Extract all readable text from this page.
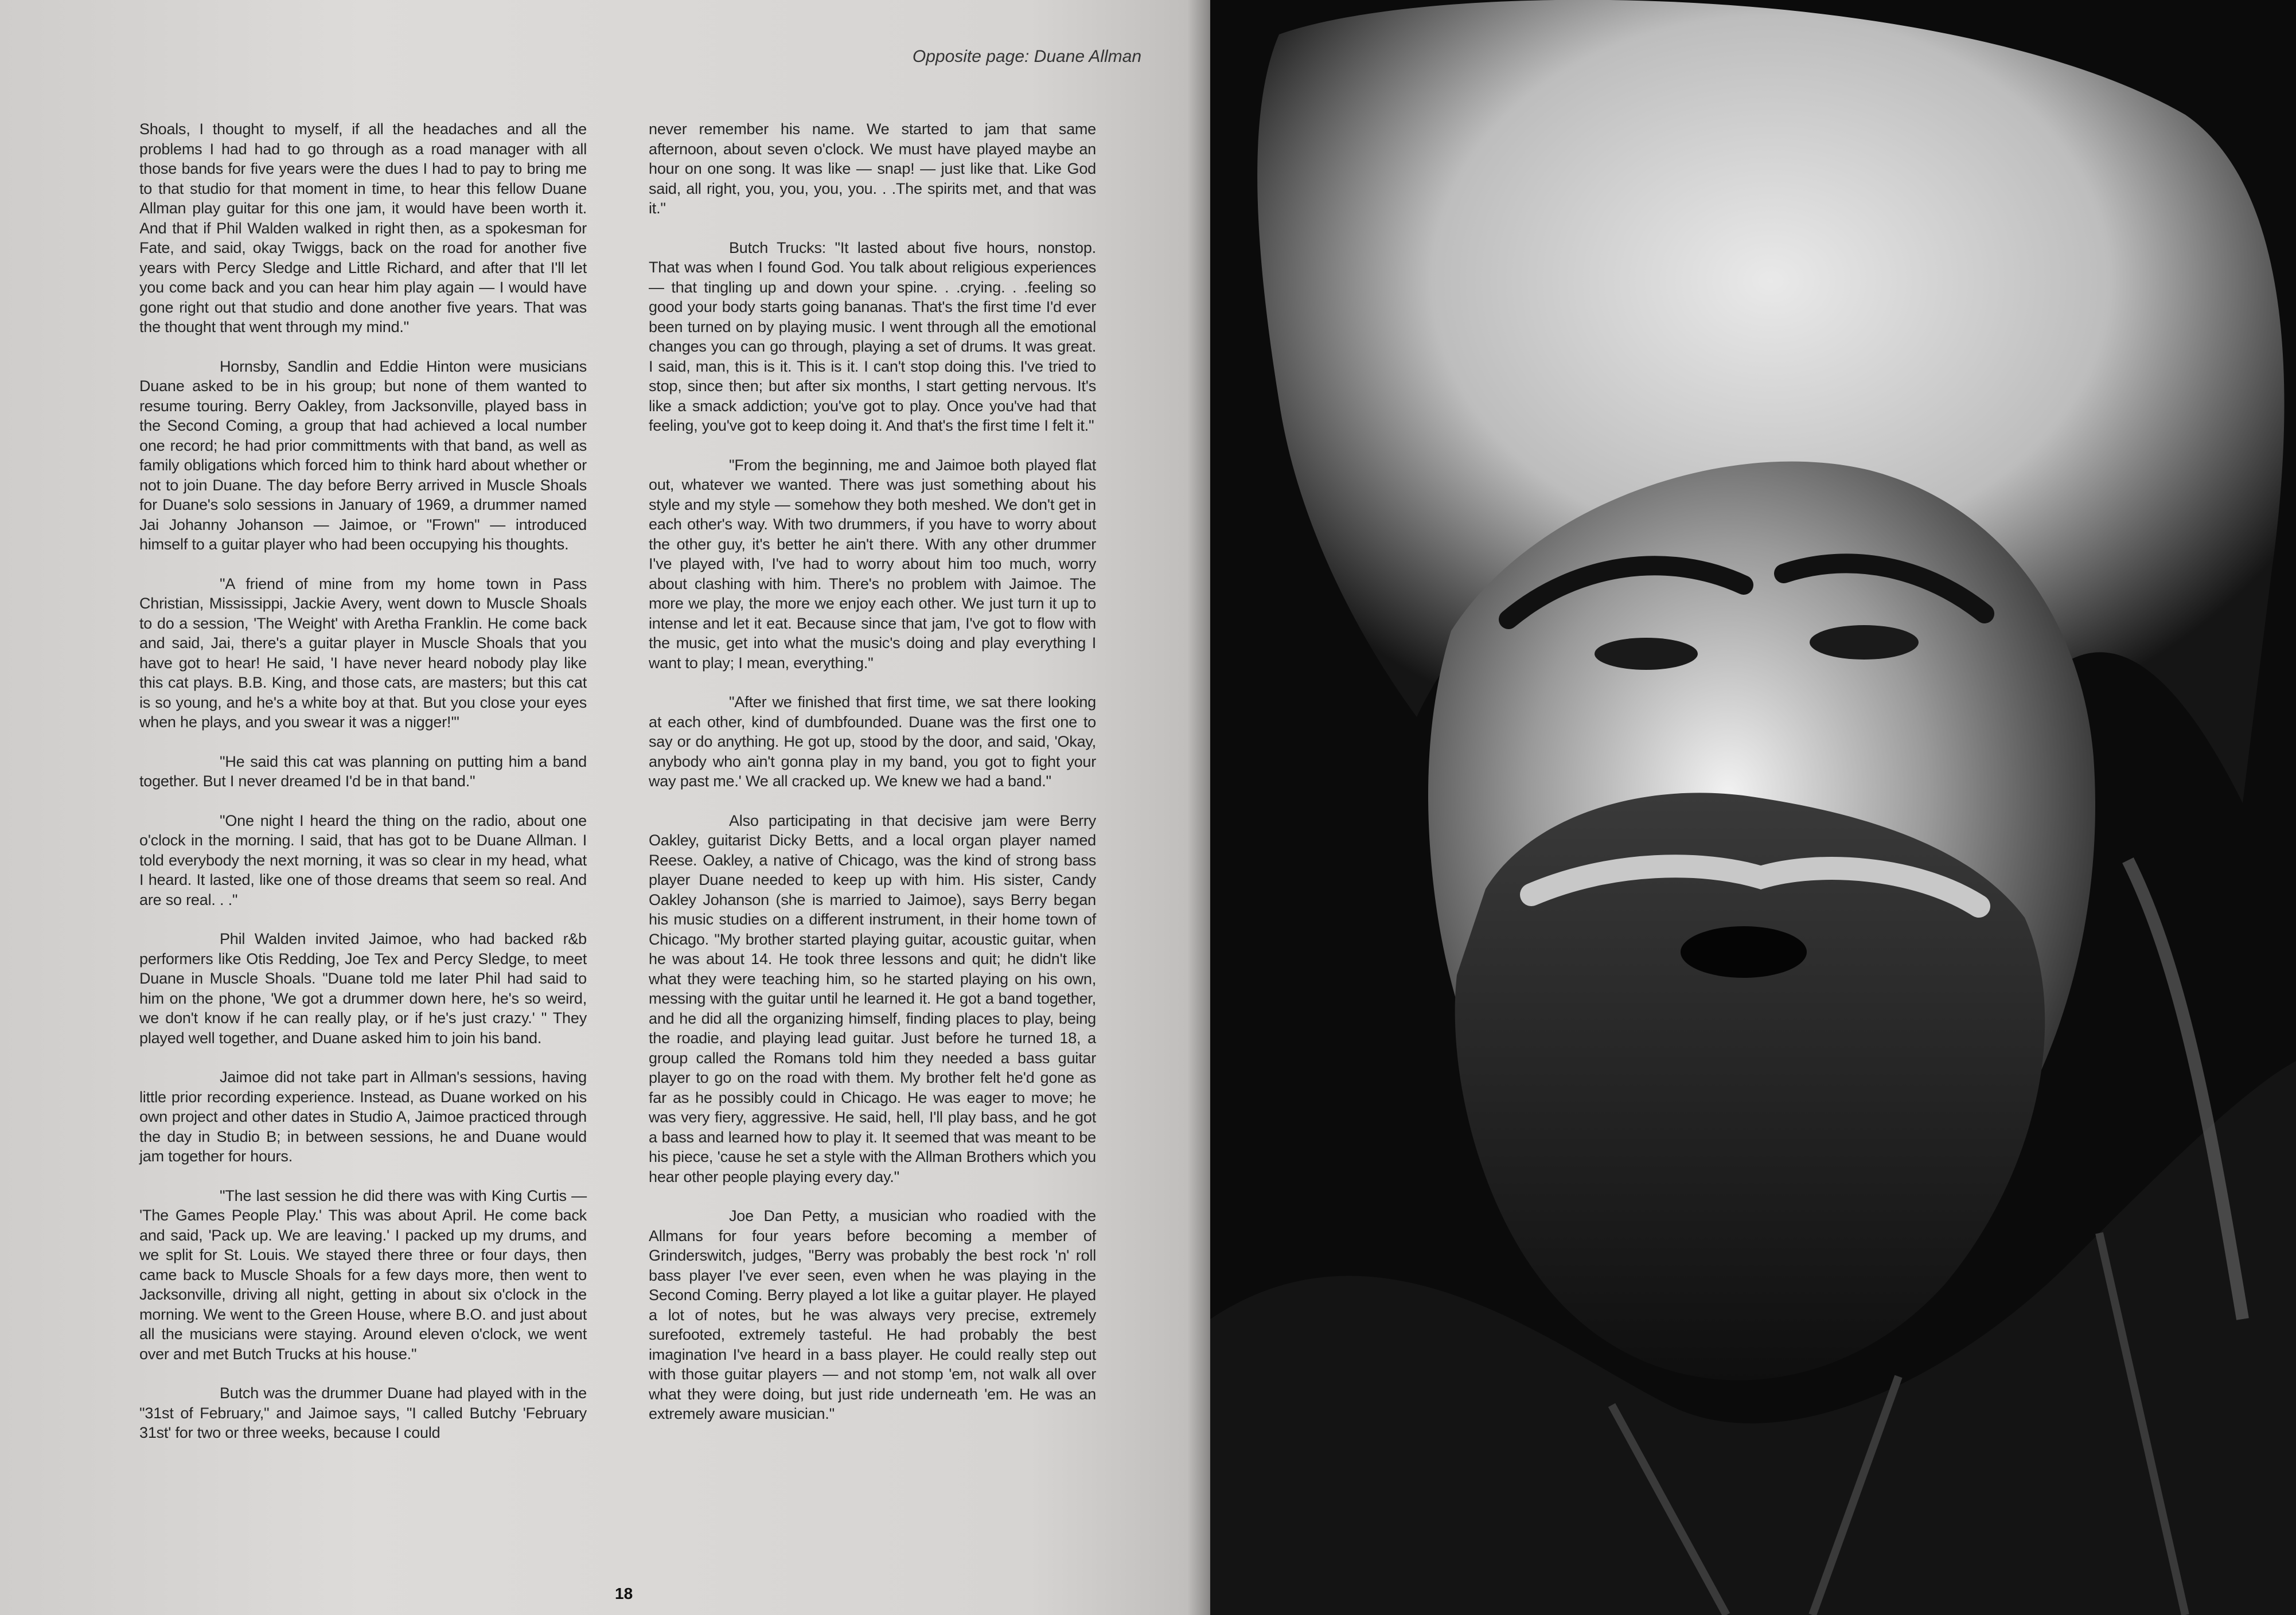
Opposite page: Duane Allman

Shoals, I thought to myself, if all the headaches and all the problems I had had to go through as a road manager with all those bands for five years were the dues I had to pay to bring me to that studio for that moment in time, to hear this fellow Duane Allman play guitar for this one jam, it would have been worth it. And that if Phil Walden walked in right then, as a spokesman for Fate, and said, okay Twiggs, back on the road for another five years with Percy Sledge and Little Richard, and after that I'll let you come back and you can hear him play again — I would have gone right out that studio and done another five years. That was the thought that went through my mind."

Hornsby, Sandlin and Eddie Hinton were musicians Duane asked to be in his group; but none of them wanted to resume touring. Berry Oakley, from Jacksonville, played bass in the Second Coming, a group that had achieved a local number one record; he had prior committments with that band, as well as family obligations which forced him to think hard about whether or not to join Duane. The day before Berry arrived in Muscle Shoals for Duane's solo sessions in January of 1969, a drummer named Jai Johanny Johanson — Jaimoe, or "Frown" — introduced himself to a guitar player who had been occupying his thoughts.

"A friend of mine from my home town in Pass Christian, Mississippi, Jackie Avery, went down to Muscle Shoals to do a session, 'The Weight' with Aretha Franklin. He come back and said, Jai, there's a guitar player in Muscle Shoals that you have got to hear! He said, 'I have never heard nobody play like this cat plays. B.B. King, and those cats, are masters; but this cat is so young, and he's a white boy at that. But you close your eyes when he plays, and you swear it was a nigger!'"

"He said this cat was planning on putting him a band together. But I never dreamed I'd be in that band."

"One night I heard the thing on the radio, about one o'clock in the morning. I said, that has got to be Duane Allman. I told everybody the next morning, it was so clear in my head, what I heard. It lasted, like one of those dreams that seem so real. And are so real. . ."

Phil Walden invited Jaimoe, who had backed r&b performers like Otis Redding, Joe Tex and Percy Sledge, to meet Duane in Muscle Shoals. "Duane told me later Phil had said to him on the phone, 'We got a drummer down here, he's so weird, we don't know if he can really play, or if he's just crazy.' " They played well together, and Duane asked him to join his band.

Jaimoe did not take part in Allman's sessions, having little prior recording experience. Instead, as Duane worked on his own project and other dates in Studio A, Jaimoe practiced through the day in Studio B; in between sessions, he and Duane would jam together for hours.

"The last session he did there was with King Curtis — 'The Games People Play.' This was about April. He come back and said, 'Pack up. We are leaving.' I packed up my drums, and we split for St. Louis. We stayed there three or four days, then came back to Muscle Shoals for a few days more, then went to Jacksonville, driving all night, getting in about six o'clock in the morning. We went to the Green House, where B.O. and just about all the musicians were staying. Around eleven o'clock, we went over and met Butch Trucks at his house."

Butch was the drummer Duane had played with in the "31st of February," and Jaimoe says, "I called Butchy 'February 31st' for two or three weeks, because I could

never remember his name. We started to jam that same afternoon, about seven o'clock. We must have played maybe an hour on one song. It was like — snap! — just like that. Like God said, all right, you, you, you, you. . .The spirits met, and that was it."

Butch Trucks: "It lasted about five hours, nonstop. That was when I found God. You talk about religious experiences — that tingling up and down your spine. . .crying. . .feeling so good your body starts going bananas. That's the first time I'd ever been turned on by playing music. I went through all the emotional changes you can go through, playing a set of drums. It was great. I said, man, this is it. This is it. I can't stop doing this. I've tried to stop, since then; but after six months, I start getting nervous. It's like a smack addiction; you've got to play. Once you've had that feeling, you've got to keep doing it. And that's the first time I felt it."

"From the beginning, me and Jaimoe both played flat out, whatever we wanted. There was just something about his style and my style — somehow they both meshed. We don't get in each other's way. With two drummers, if you have to worry about the other guy, it's better he ain't there. With any other drummer I've played with, I've had to worry about him too much, worry about clashing with him. There's no problem with Jaimoe. The more we play, the more we enjoy each other. We just turn it up to intense and let it eat. Because since that jam, I've got to flow with the music, get into what the music's doing and play everything I want to play; I mean, everything."

"After we finished that first time, we sat there looking at each other, kind of dumbfounded. Duane was the first one to say or do anything. He got up, stood by the door, and said, 'Okay, anybody who ain't gonna play in my band, you got to fight your way past me.' We all cracked up. We knew we had a band."

Also participating in that decisive jam were Berry Oakley, guitarist Dicky Betts, and a local organ player named Reese. Oakley, a native of Chicago, was the kind of strong bass player Duane needed to keep up with him. His sister, Candy Oakley Johanson (she is married to Jaimoe), says Berry began his music studies on a different instrument, in their home town of Chicago. "My brother started playing guitar, acoustic guitar, when he was about 14. He took three lessons and quit; he didn't like what they were teaching him, so he started playing on his own, messing with the guitar until he learned it. He got a band together, and he did all the organizing himself, finding places to play, being the roadie, and playing lead guitar. Just before he turned 18, a group called the Romans told him they needed a bass guitar player to go on the road with them. My brother felt he'd gone as far as he possibly could in Chicago. He was eager to move; he was very fiery, aggressive. He said, hell, I'll play bass, and he got a bass and learned how to play it. It seemed that was meant to be his piece, 'cause he set a style with the Allman Brothers which you hear other people playing every day."

Joe Dan Petty, a musician who roadied with the Allmans for four years before becoming a member of Grinderswitch, judges, "Berry was probably the best rock 'n' roll bass player I've ever seen, even when he was playing in the Second Coming. Berry played a lot like a guitar player. He played a lot of notes, but he was always very precise, extremely surefooted, extremely tasteful. He had probably the best imagination I've heard in a bass player. He could really step out with those guitar players — and not stomp 'em, not walk all over what they were doing, but just ride underneath 'em. He was an extremely aware musician."

18
